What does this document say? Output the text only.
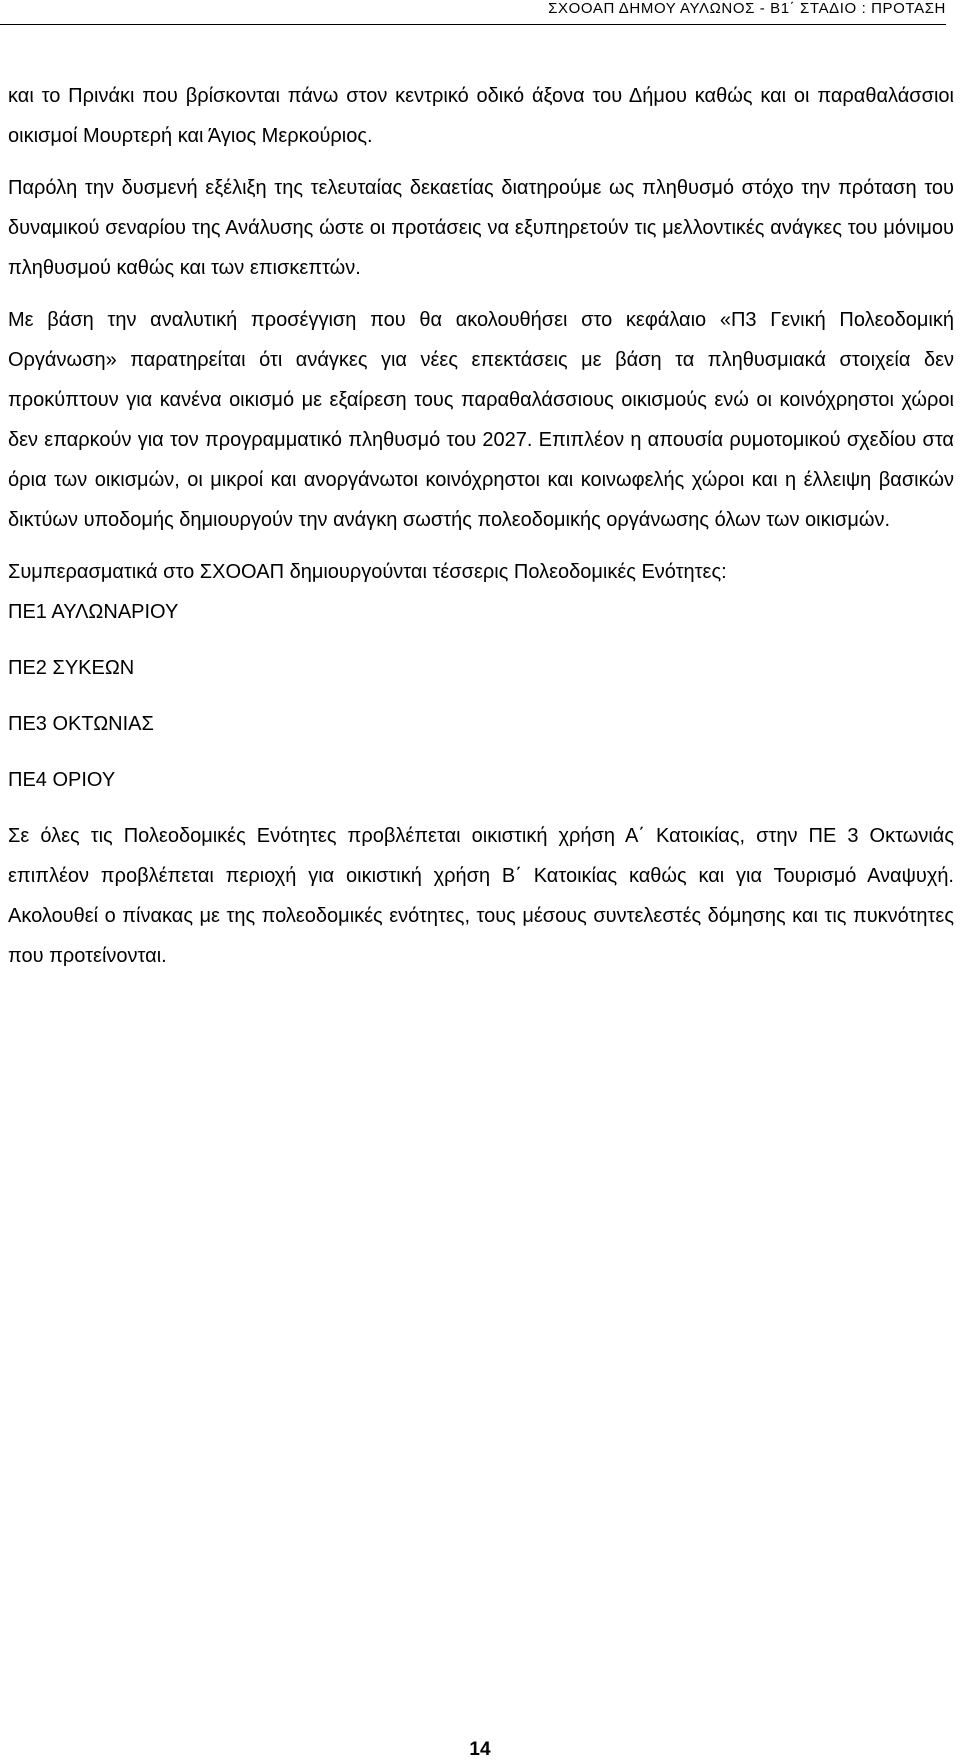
ΣΧΟΟΑΠ ΔΗΜΟΥ ΑΥΛΩΝΟΣ - Β1΄ ΣΤΑΔΙΟ : ΠΡΟΤΑΣΗ

και το Πρινάκι που βρίσκονται πάνω στον κεντρικό οδικό άξονα του Δήμου καθώς και οι παραθαλάσσιοι οικισμοί Μουρτερή και Άγιος Μερκούριος.

Παρόλη την δυσμενή εξέλιξη της τελευταίας δεκαετίας διατηρούμε ως πληθυσμό στόχο την πρόταση του δυναμικού σεναρίου της Ανάλυσης ώστε οι προτάσεις να εξυπηρετούν τις μελλοντικές ανάγκες του μόνιμου πληθυσμού καθώς και των επισκεπτών.

Με βάση την αναλυτική προσέγγιση που θα ακολουθήσει στο κεφάλαιο «Π3 Γενική Πολεοδομική Οργάνωση» παρατηρείται ότι ανάγκες για νέες επεκτάσεις με βάση τα πληθυσμιακά στοιχεία δεν προκύπτουν για κανένα οικισμό με εξαίρεση τους παραθαλάσσιους οικισμούς ενώ οι κοινόχρηστοι χώροι δεν επαρκούν για τον προγραμματικό πληθυσμό του 2027. Επιπλέον η απουσία ρυμοτομικού σχεδίου στα όρια των οικισμών, οι μικροί και ανοργάνωτοι κοινόχρηστοι και κοινωφελής χώροι και η έλλειψη βασικών δικτύων υποδομής δημιουργούν την ανάγκη σωστής πολεοδομικής οργάνωσης όλων των οικισμών.

Συμπερασματικά στο ΣΧΟΟΑΠ δημιουργούνται τέσσερις Πολεοδομικές Ενότητες:

ΠΕ1 ΑΥΛΩΝΑΡΙΟΥ

ΠΕ2 ΣΥΚΕΩΝ

ΠΕ3 ΟΚΤΩΝΙΑΣ

ΠΕ4 ΟΡΙΟΥ

Σε όλες τις Πολεοδομικές Ενότητες προβλέπεται οικιστική χρήση Α΄ Κατοικίας, στην ΠΕ 3 Οκτωνιάς επιπλέον προβλέπεται περιοχή για οικιστική χρήση Β΄ Κατοικίας καθώς και για Τουρισμό Αναψυχή. Ακολουθεί ο πίνακας με της πολεοδομικές ενότητες, τους μέσους συντελεστές δόμησης και τις πυκνότητες που προτείνονται.

14
